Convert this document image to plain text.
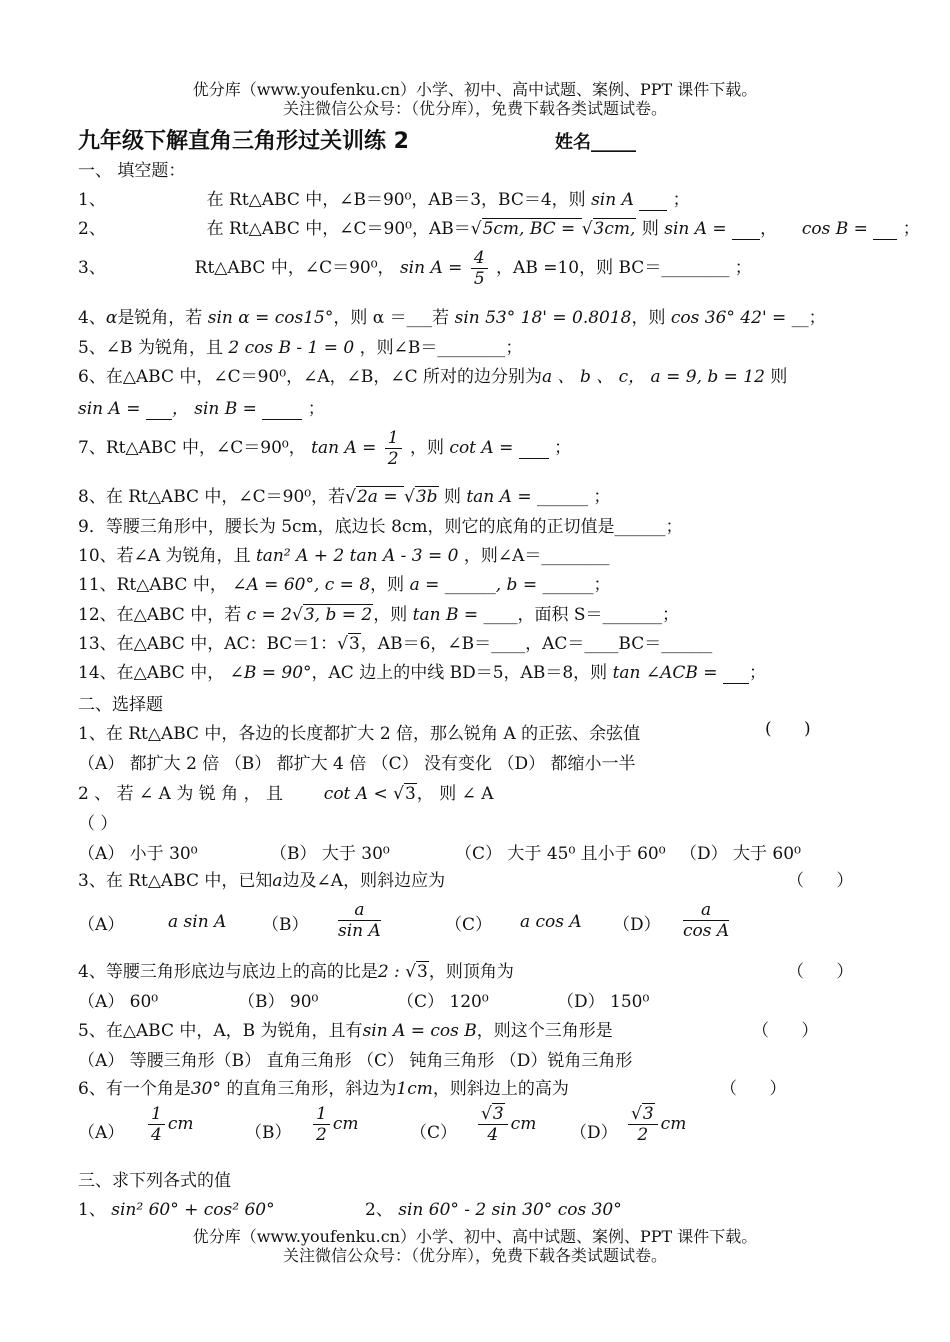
优分库（www.youfenku.cn）小学、初中、高中试题、案例、PPT 课件下载。
关注微信公众号：（优分库），免费下载各类试题试卷。
九年级下解直角三角形过关训练 2	姓名_____
一、 填空题：
1、	在 Rt△ABC 中，∠B＝90⁰，AB＝3，BC＝4，则 sin A ；
2、	在 Rt△ABC 中，∠C＝90⁰，AB＝√5cm, BC = √3cm, 则 sin A = ，  cos B = ；
3、	Rt△ABC 中，∠C＝90⁰， $\sin A = \frac{4}{5}$ ，AB =10，则 BC＝________ ；
4、α是锐角，若 sin α = cos15°，则 α ＝___若 sin 53° 18' = 0.8018，则 cos 36° 42' = __；
5、∠B 为锐角，且 2 cos B - 1 = 0 ，则∠B＝________；
6、在△ABC 中，∠C＝90⁰，∠A，∠B，∠C 所对的边分别为a 、 b 、 c， a = 9, b = 12 则
sin A = ， sin B =	；
7、Rt△ABC 中，∠C＝90⁰， $\tan A = \frac{1}{2}$ ，则 cot A = ；
8、在 Rt△ABC 中，∠C＝90⁰，若√2a = √3b 则 tan A = ______ ；
9．等腰三角形中，腰长为 5cm，底边长 8cm，则它的底角的正切值是______；
10、若∠A 为锐角，且 tan² A + 2 tan A - 3 = 0 ，则∠A＝________
11、Rt△ABC 中， ∠A = 60°, c = 8，则 a = ______, b = ______；
12、在△ABC 中，若 c = 2√3, b = 2，则 tan B = ____，面积 S＝_______；
13、在△ABC 中，AC：BC＝1：√3，AB＝6，∠B＝____，AC＝____BC＝______
14、在△ABC 中， ∠B = 90°，AC 边上的中线 BD＝5，AB＝8，则 tan ∠ACB = ；
二、选择题
1、在 Rt△ABC 中，各边的长度都扩大 2 倍，那么锐角 A 的正弦、余弦值	(      )
（A） 都扩大 2 倍 （B） 都扩大 4 倍 （C） 没有变化 （D） 都缩小一半
2 、 若 ∠ A 为 锐 角 ， 且 cot A < √3， 则 ∠ A
（ ）
（A） 小于 30⁰	（B） 大于 30⁰	（C） 大于 45⁰ 且小于 60⁰ （D） 大于 60⁰
3、在 Rt△ABC 中，已知a边及∠A，则斜边应为	（      ）
（A）	a sin A $(B) \frac{a}{\text{sin A}}$	（C） a cos A $(D) \frac{a}{\text{cos A}}$
4、等腰三角形底边与底边上的高的比是2 : √3，则顶角为	（      ）
（A） 60⁰	（B） 90⁰	（C） 120⁰	（D） 150⁰
5、在△ABC 中，A，B 为锐角，且有sin A = cos B，则这个三角形是	（      ）
（A） 等腰三角形（B） 直角三角形 （C） 钝角三角形 （D）锐角三角形
6、有一个角是30° 的直角三角形，斜边为1cm，则斜边上的高为	（      ）
$(A) \frac{1}{4}$ cm	$(B) \frac{1}{2}$ cm	$(C) \frac{√3}{4}$ cm $(D) \frac{√3}{2}$ cm
三、求下列各式的值
1、 sin² 60° + cos² 60°	2、 sin 60° - 2 sin 30° cos 30°
优分库（www.youfenku.cn）小学、初中、高中试题、案例、PPT 课件下载。
关注微信公众号：（优分库），免费下载各类试题试卷。
